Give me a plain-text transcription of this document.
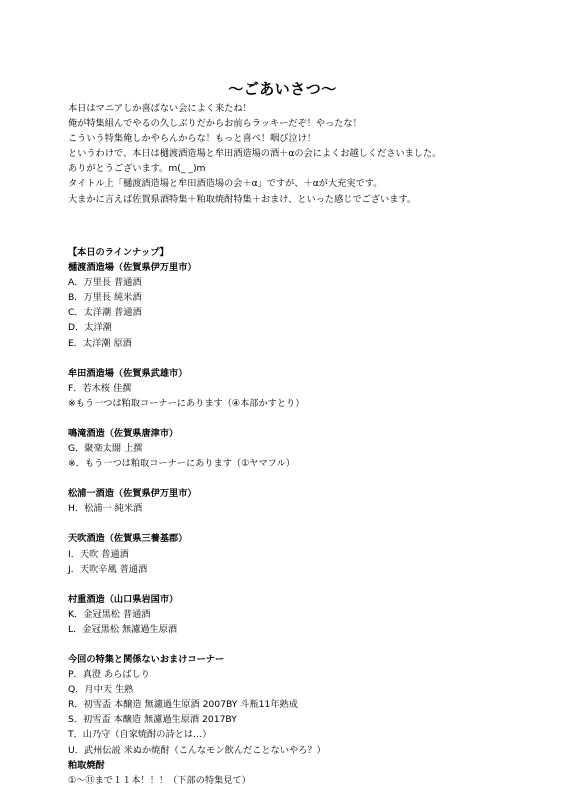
～ごあいさつ～
本日はマニアしか喜ばない会によく来たね！
俺が特集組んでやるの久しぶりだからお前らラッキーだぞ！やったな！
こういう特集俺しかやらんからな！もっと喜べ！咽び泣け！
というわけで、本日は樋渡酒造場と牟田酒造場の酒＋αの会によくお越しくださいました。
ありがとうございます。m(_ _)m
タイトル上「樋渡酒造場と牟田酒造場の会＋α」ですが、＋αが大充実です。
大まかに言えば佐賀県酒特集＋粕取焼酎特集＋おまけ、といった感じでございます。
【本日のラインナップ】
樋渡酒造場（佐賀県伊万里市）
A．万里長 普通酒
B．万里長 純米酒
C．太洋潮 普通酒
D．太洋潮
E．太洋潮 原酒
牟田酒造場（佐賀県武雄市）
F．若木桜 佳撰
※もう一つは粕取コーナーにあります（④本部かすとり）
鳴滝酒造（佐賀県唐津市）
G．聚楽太閤 上撰
※．もう一つは粕取コーナーにあります（①ヤマフル）
松浦一酒造（佐賀県伊万里市）
H．松浦一 純米酒
天吹酒造（佐賀県三養基郡）
I．天吹 普通酒
J．天吹辛風 普通酒
村重酒造（山口県岩国市）
K．金冠黒松 普通酒
L．金冠黒松 無濾過生原酒
今回の特集と関係ないおまけコーナー
P．真澄 あらばしり
Q．月中天 生熟
R．初雪盃 本醸造 無濾過生原酒 2007BY 斗瓶11年熟成
S．初雪盃 本醸造 無濾過生原酒 2017BY
T．山乃守（自家焼酎の詩とは…）
U．武州伝説 米ぬか焼酎（こんなモン飲んだことないやろ？）
粕取焼酎
①～⑪まで１１本！！！（下部の特集見て）
